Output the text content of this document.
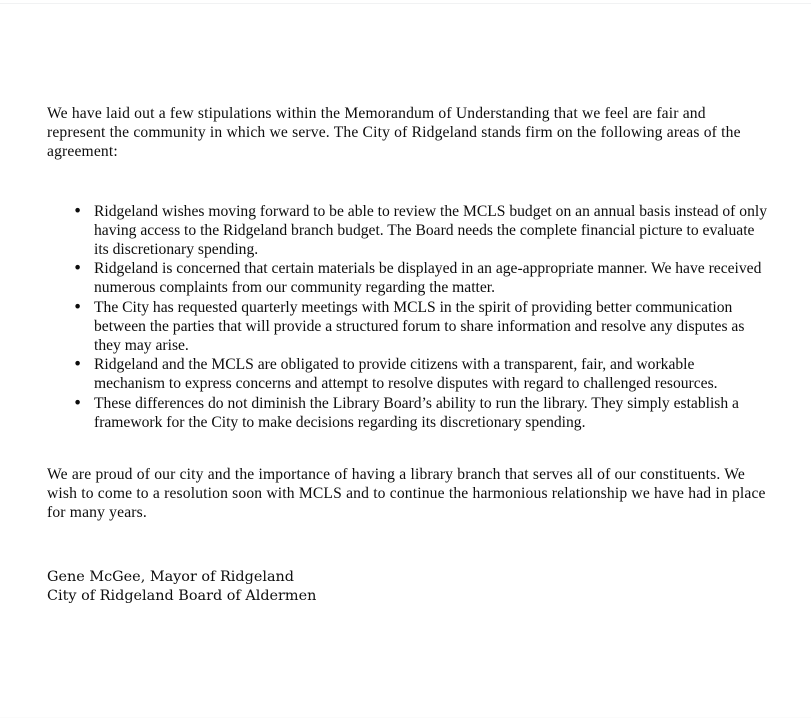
We have laid out a few stipulations within the Memorandum of Understanding that we feel are fair and represent the community in which we serve. The City of Ridgeland stands firm on the following areas of the agreement:

• Ridgeland wishes moving forward to be able to review the MCLS budget on an annual basis instead of only having access to the Ridgeland branch budget. The Board needs the complete financial picture to evaluate its discretionary spending.
• Ridgeland is concerned that certain materials be displayed in an age-appropriate manner. We have received numerous complaints from our community regarding the matter.
• The City has requested quarterly meetings with MCLS in the spirit of providing better communication between the parties that will provide a structured forum to share information and resolve any disputes as they may arise.
• Ridgeland and the MCLS are obligated to provide citizens with a transparent, fair, and workable mechanism to express concerns and attempt to resolve disputes with regard to challenged resources.
• These differences do not diminish the Library Board’s ability to run the library. They simply establish a framework for the City to make decisions regarding its discretionary spending.

We are proud of our city and the importance of having a library branch that serves all of our constituents. We wish to come to a resolution soon with MCLS and to continue the harmonious relationship we have had in place for many years.

Gene McGee, Mayor of Ridgeland

City of Ridgeland Board of Aldermen
